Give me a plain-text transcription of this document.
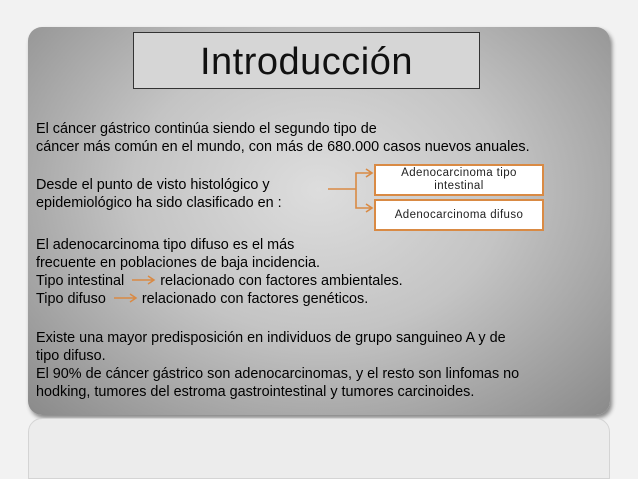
Introducción
El cáncer gástrico continúa siendo el segundo tipo de
cáncer más común en el mundo, con más de 680.000 casos nuevos anuales.
Desde el punto de visto histológico y
epidemiológico ha sido clasificado en :
Adenocarcinoma tipo
intestinal
Adenocarcinoma difuso
El adenocarcinoma tipo difuso es el más
frecuente en poblaciones de baja incidencia.
Tipo intestinal	relacionado con factores ambientales.
Tipo difuso	relacionado con factores genéticos.
Existe una mayor predisposición en individuos de grupo sanguineo A y de
tipo difuso.
El 90% de cáncer gástrico son adenocarcinomas, y el resto son linfomas no
hodking, tumores del estroma gastrointestinal y tumores carcinoides.
